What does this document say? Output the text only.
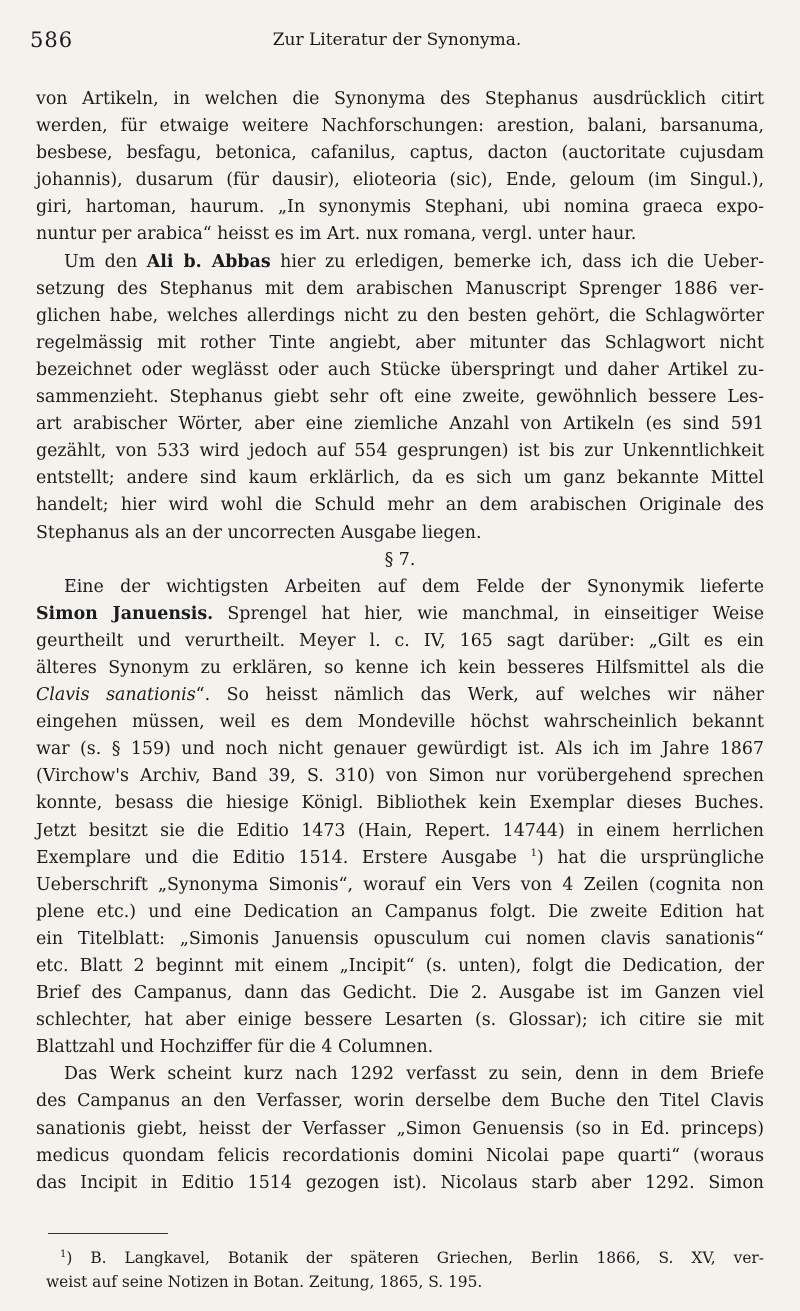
586	Zur Literatur der Synonyma.
von Artikeln, in welchen die Synonyma des Stephanus ausdrücklich citirt
werden, für etwaige weitere Nachforschungen: arestion, balani, barsanuma,
besbese, besfagu, betonica, cafanilus, captus, dacton (auctoritate cujusdam
johannis), dusarum (für dausir), elioteoria (sic), Ende, geloum (im Singul.),
giri, hartoman, haurum. „In synonymis Stephani, ubi nomina graeca expo-
nuntur per arabica“ heisst es im Art. nux romana, vergl. unter haur.
Um den Ali b. Abbas hier zu erledigen, bemerke ich, dass ich die Ueber-
setzung des Stephanus mit dem arabischen Manuscript Sprenger 1886 ver-
glichen habe, welches allerdings nicht zu den besten gehört, die Schlagwörter
regelmässig mit rother Tinte angiebt, aber mitunter das Schlagwort nicht
bezeichnet oder weglässt oder auch Stücke überspringt und daher Artikel zu-
sammenzieht. Stephanus giebt sehr oft eine zweite, gewöhnlich bessere Les-
art arabischer Wörter, aber eine ziemliche Anzahl von Artikeln (es sind 591
gezählt, von 533 wird jedoch auf 554 gesprungen) ist bis zur Unkenntlichkeit
entstellt; andere sind kaum erklärlich, da es sich um ganz bekannte Mittel
handelt; hier wird wohl die Schuld mehr an dem arabischen Originale des
Stephanus als an der uncorrecten Ausgabe liegen.
§ 7.
Eine der wichtigsten Arbeiten auf dem Felde der Synonymik lieferte
Simon Januensis. Sprengel hat hier, wie manchmal, in einseitiger Weise
geurtheilt und verurtheilt. Meyer l. c. IV, 165 sagt darüber: „Gilt es ein
älteres Synonym zu erklären, so kenne ich kein besseres Hilfsmittel als die
Clavis sanationis“. So heisst nämlich das Werk, auf welches wir näher
eingehen müssen, weil es dem Mondeville höchst wahrscheinlich bekannt
war (s. § 159) und noch nicht genauer gewürdigt ist. Als ich im Jahre 1867
(Virchow's Archiv, Band 39, S. 310) von Simon nur vorübergehend sprechen
konnte, besass die hiesige Königl. Bibliothek kein Exemplar dieses Buches.
Jetzt besitzt sie die Editio 1473 (Hain, Repert. 14744) in einem herrlichen
Exemplare und die Editio 1514. Erstere Ausgabe $^1$) hat die ursprüngliche
Ueberschrift „Synonyma Simonis“, worauf ein Vers von 4 Zeilen (cognita non
plene etc.) und eine Dedication an Campanus folgt. Die zweite Edition hat
ein Titelblatt: „Simonis Januensis opusculum cui nomen clavis sanationis“
etc. Blatt 2 beginnt mit einem „Incipit“ (s. unten), folgt die Dedication, der
Brief des Campanus, dann das Gedicht. Die 2. Ausgabe ist im Ganzen viel
schlechter, hat aber einige bessere Lesarten (s. Glossar); ich citire sie mit
Blattzahl und Hochziffer für die 4 Columnen.
Das Werk scheint kurz nach 1292 verfasst zu sein, denn in dem Briefe
des Campanus an den Verfasser, worin derselbe dem Buche den Titel Clavis
sanationis giebt, heisst der Verfasser „Simon Genuensis (so in Ed. princeps)
medicus quondam felicis recordationis domini Nicolai pape quarti“ (woraus
das Incipit in Editio 1514 gezogen ist). Nicolaus starb aber 1292. Simon
$^1$) B. Langkavel, Botanik der späteren Griechen, Berlin 1866, S. XV, ver-
weist auf seine Notizen in Botan. Zeitung, 1865, S. 195.
